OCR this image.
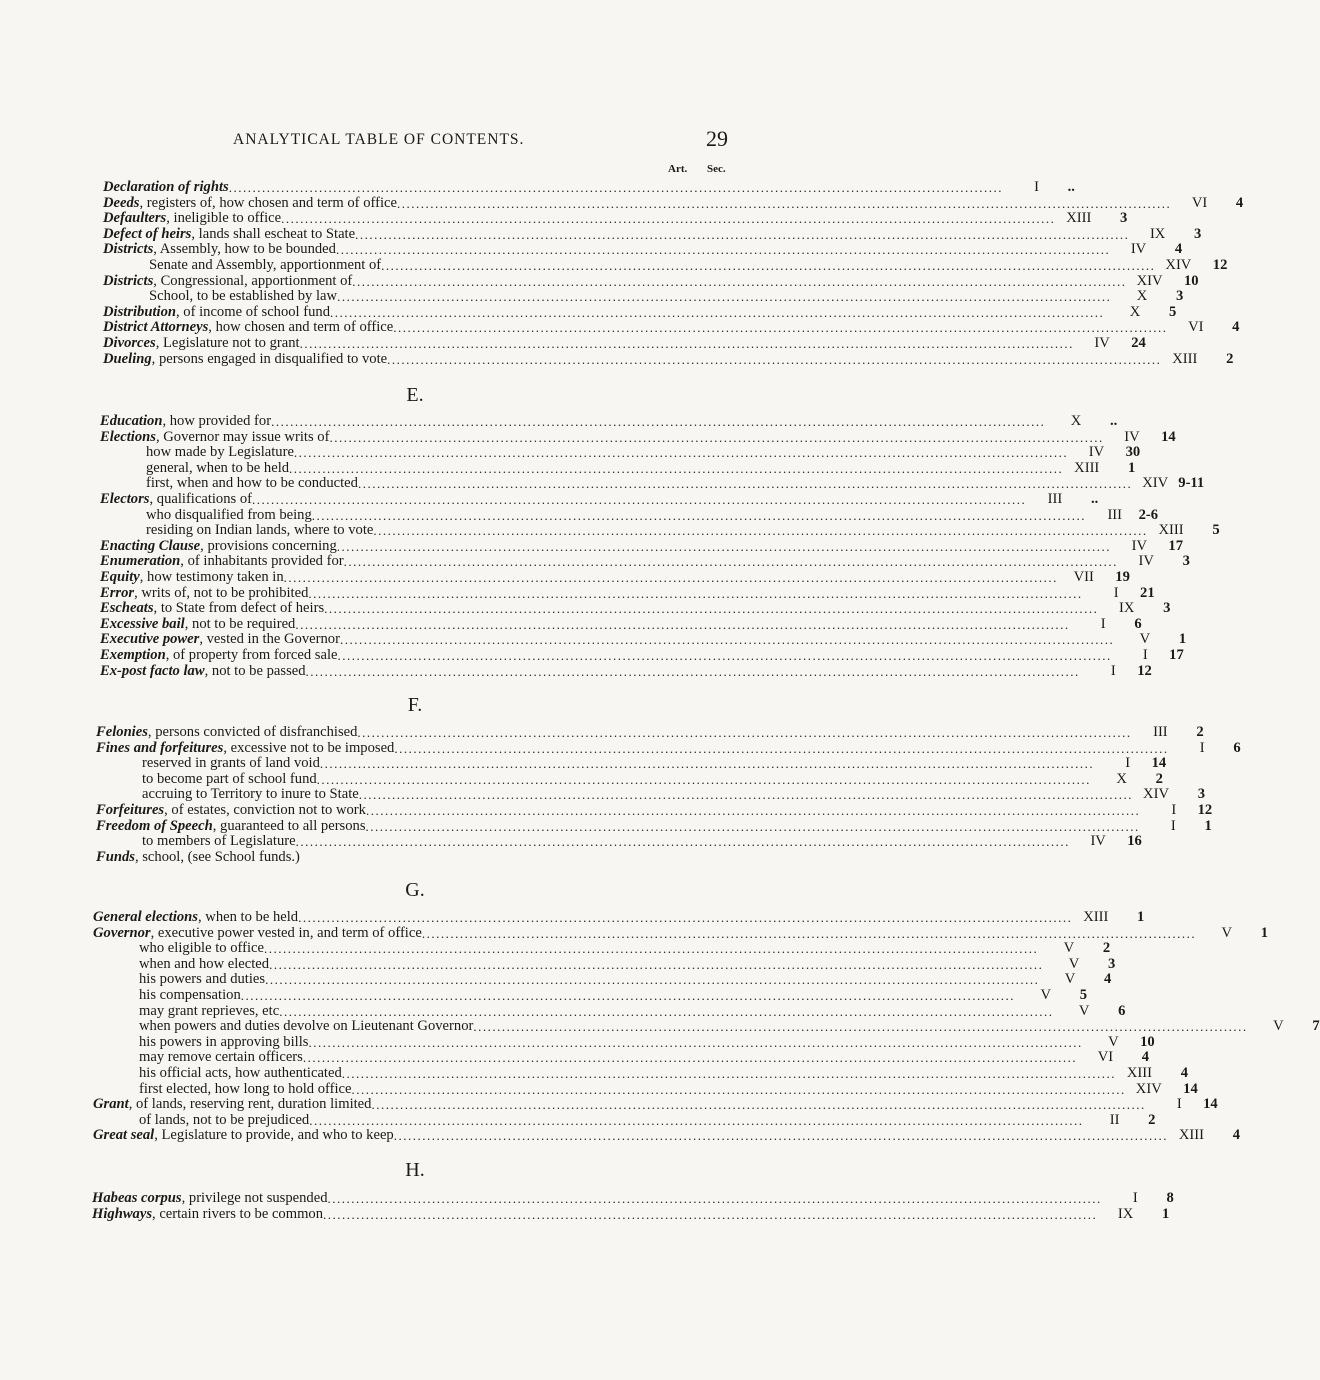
ANALYTICAL TABLE OF CONTENTS.	29
Art. Sec.
Declaration of rights .....	I	..
Deeds, registers of, how chosen and term of office .....	VI	4
Defaulters, ineligible to office .....	XIII	3
Defect of heirs, lands shall escheat to State .....	IX	3
Districts, Assembly, how to be bounded .....	IV	4
Senate and Assembly, apportionment of .....	XIV	12
Districts, Congressional, apportionment of .....	XIV	10
School, to be established by law .....	X	3
Distribution, of income of school fund .....	X	5
District Attorneys, how chosen and term of office .....	VI	4
Divorces, Legislature not to grant .....	IV	24
Dueling, persons engaged in disqualified to vote .....	XIII	2
E.
Education, how provided for .....	X	..
Elections, Governor may issue writs of .....	IV	14
how made by Legislature .....	IV	30
general, when to be held .....	XIII	1
first, when and how to be conducted .....	XIV 9-11
Electors, qualifications of .....	III	..
who disqualified from being .....	III	2-6
residing on Indian lands, where to vote .....	XIII	5
Enacting Clause, provisions concerning .....	IV	17
Enumeration, of inhabitants provided for .....	IV	3
Equity, how testimony taken in .....	VII	19
Error, writs of, not to be prohibited .....	I	21
Escheats, to State from defect of heirs .....	IX	3
Excessive bail, not to be required .....	I	6
Executive power, vested in the Governor .....	V	1
Exemption, of property from forced sale .....	I	17
Ex-post facto law, not to be passed .....	I	12
F.
Felonies, persons convicted of disfranchised .....	III	2
Fines and forfeitures, excessive not to be imposed .....	I	6
reserved in grants of land void .....	I	14
to become part of school fund .....	X	2
accruing to Territory to inure to State .....	XIV	3
Forfeitures, of estates, conviction not to work .....	I	12
Freedom of Speech, guaranteed to all persons .....	I	1
to members of Legislature .....	IV	16
Funds, school, (see School funds.)
G.
General elections, when to be held .....	XIII	1
Governor, executive power vested in, and term of office .....	V	1
who eligible to office .....	V	2
when and how elected .....	V	3
his powers and duties .....	V	4
his compensation .....	V	5
may grant reprieves, etc .....	V	6
when powers and duties devolve on Lieutenant Governor .....	V	7
his powers in approving bills .....	V	10
may remove certain officers .....	VI	4
his official acts, how authenticated .....	XIII	4
first elected, how long to hold office .....	XIV	14
Grant, of lands, reserving rent, duration limited .....	I	14
of lands, not to be prejudiced .....	II	2
Great seal, Legislature to provide, and who to keep .....	XIII	4
H.
Habeas corpus, privilege not suspended .....	I	8
Highways, certain rivers to be common .....	IX	1
